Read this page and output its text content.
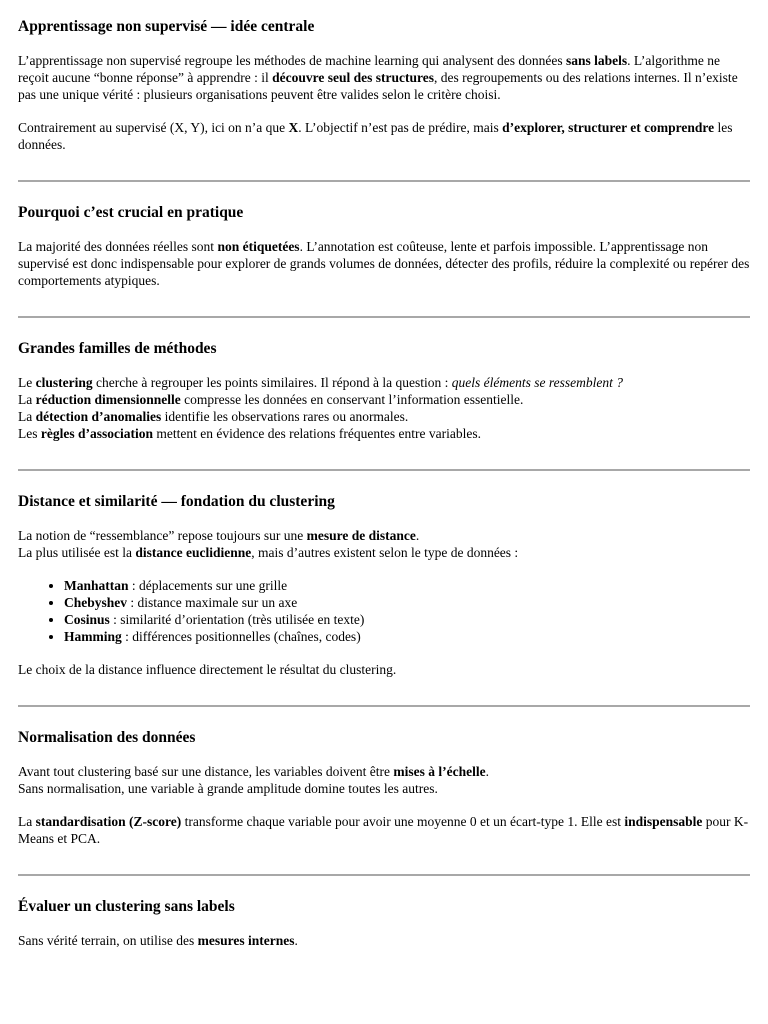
Apprentissage non supervisé — idée centrale

L’apprentissage non supervisé regroupe les méthodes de machine learning qui analysent des données sans labels. L’algorithme ne reçoit aucune “bonne réponse” à apprendre : il découvre seul des structures, des regroupements ou des relations internes. Il n’existe pas une unique vérité : plusieurs organisations peuvent être valides selon le critère choisi.

Contrairement au supervisé (X, Y), ici on n’a que X. L’objectif n’est pas de prédire, mais d’explorer, structurer et comprendre les données.

Pourquoi c’est crucial en pratique

La majorité des données réelles sont non étiquetées. L’annotation est coûteuse, lente et parfois impossible. L’apprentissage non supervisé est donc indispensable pour explorer de grands volumes de données, détecter des profils, réduire la complexité ou repérer des comportements atypiques.

Grandes familles de méthodes

Le clustering cherche à regrouper les points similaires. Il répond à la question : quels éléments se ressemblent ?
La réduction dimensionnelle compresse les données en conservant l’information essentielle.
La détection d’anomalies identifie les observations rares ou anormales.
Les règles d’association mettent en évidence des relations fréquentes entre variables.

Distance et similarité — fondation du clustering

La notion de “ressemblance” repose toujours sur une mesure de distance.
La plus utilisée est la distance euclidienne, mais d’autres existent selon le type de données :

• Manhattan : déplacements sur une grille
• Chebyshev : distance maximale sur un axe
• Cosinus : similarité d’orientation (très utilisée en texte)
• Hamming : différences positionnelles (chaînes, codes)

Le choix de la distance influence directement le résultat du clustering.

Normalisation des données

Avant tout clustering basé sur une distance, les variables doivent être mises à l’échelle.
Sans normalisation, une variable à grande amplitude domine toutes les autres.

La standardisation (Z-score) transforme chaque variable pour avoir une moyenne 0 et un écart-type 1. Elle est indispensable pour K-Means et PCA.

Évaluer un clustering sans labels

Sans vérité terrain, on utilise des mesures internes.
